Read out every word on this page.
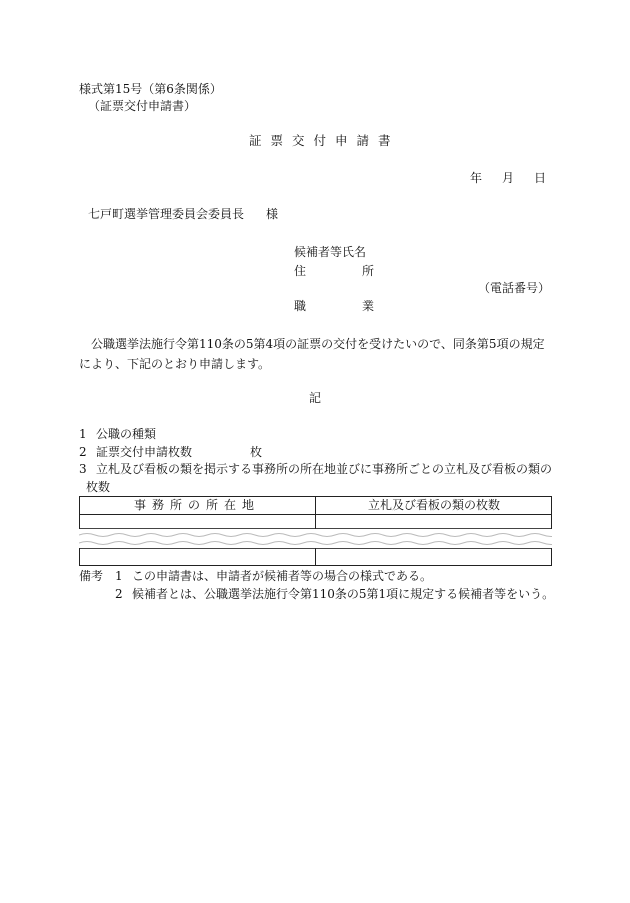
様式第15号（第6条関係）
（証票交付申請書）
証票交付申請書
年 月 日
七戸町選挙管理委員会委員長 様
候補者等氏名
住	所
（電話番号）
職	業
公職選挙法施行令第110条の5第4項の証票の交付を受けたいので、同条第5項の規定により、下記のとおり申請します。
記
1 公職の種類
2 証票交付申請枚数	枚
3 立札及び看板の類を掲示する事務所の所在地並びに事務所ごとの立札及び看板の類の
枚数
事務所の所在地	立札及び看板の類の枚数
備考 1 この申請書は、申請者が候補者等の場合の様式である。
2 候補者とは、公職選挙法施行令第110条の5第1項に規定する候補者等をいう。
